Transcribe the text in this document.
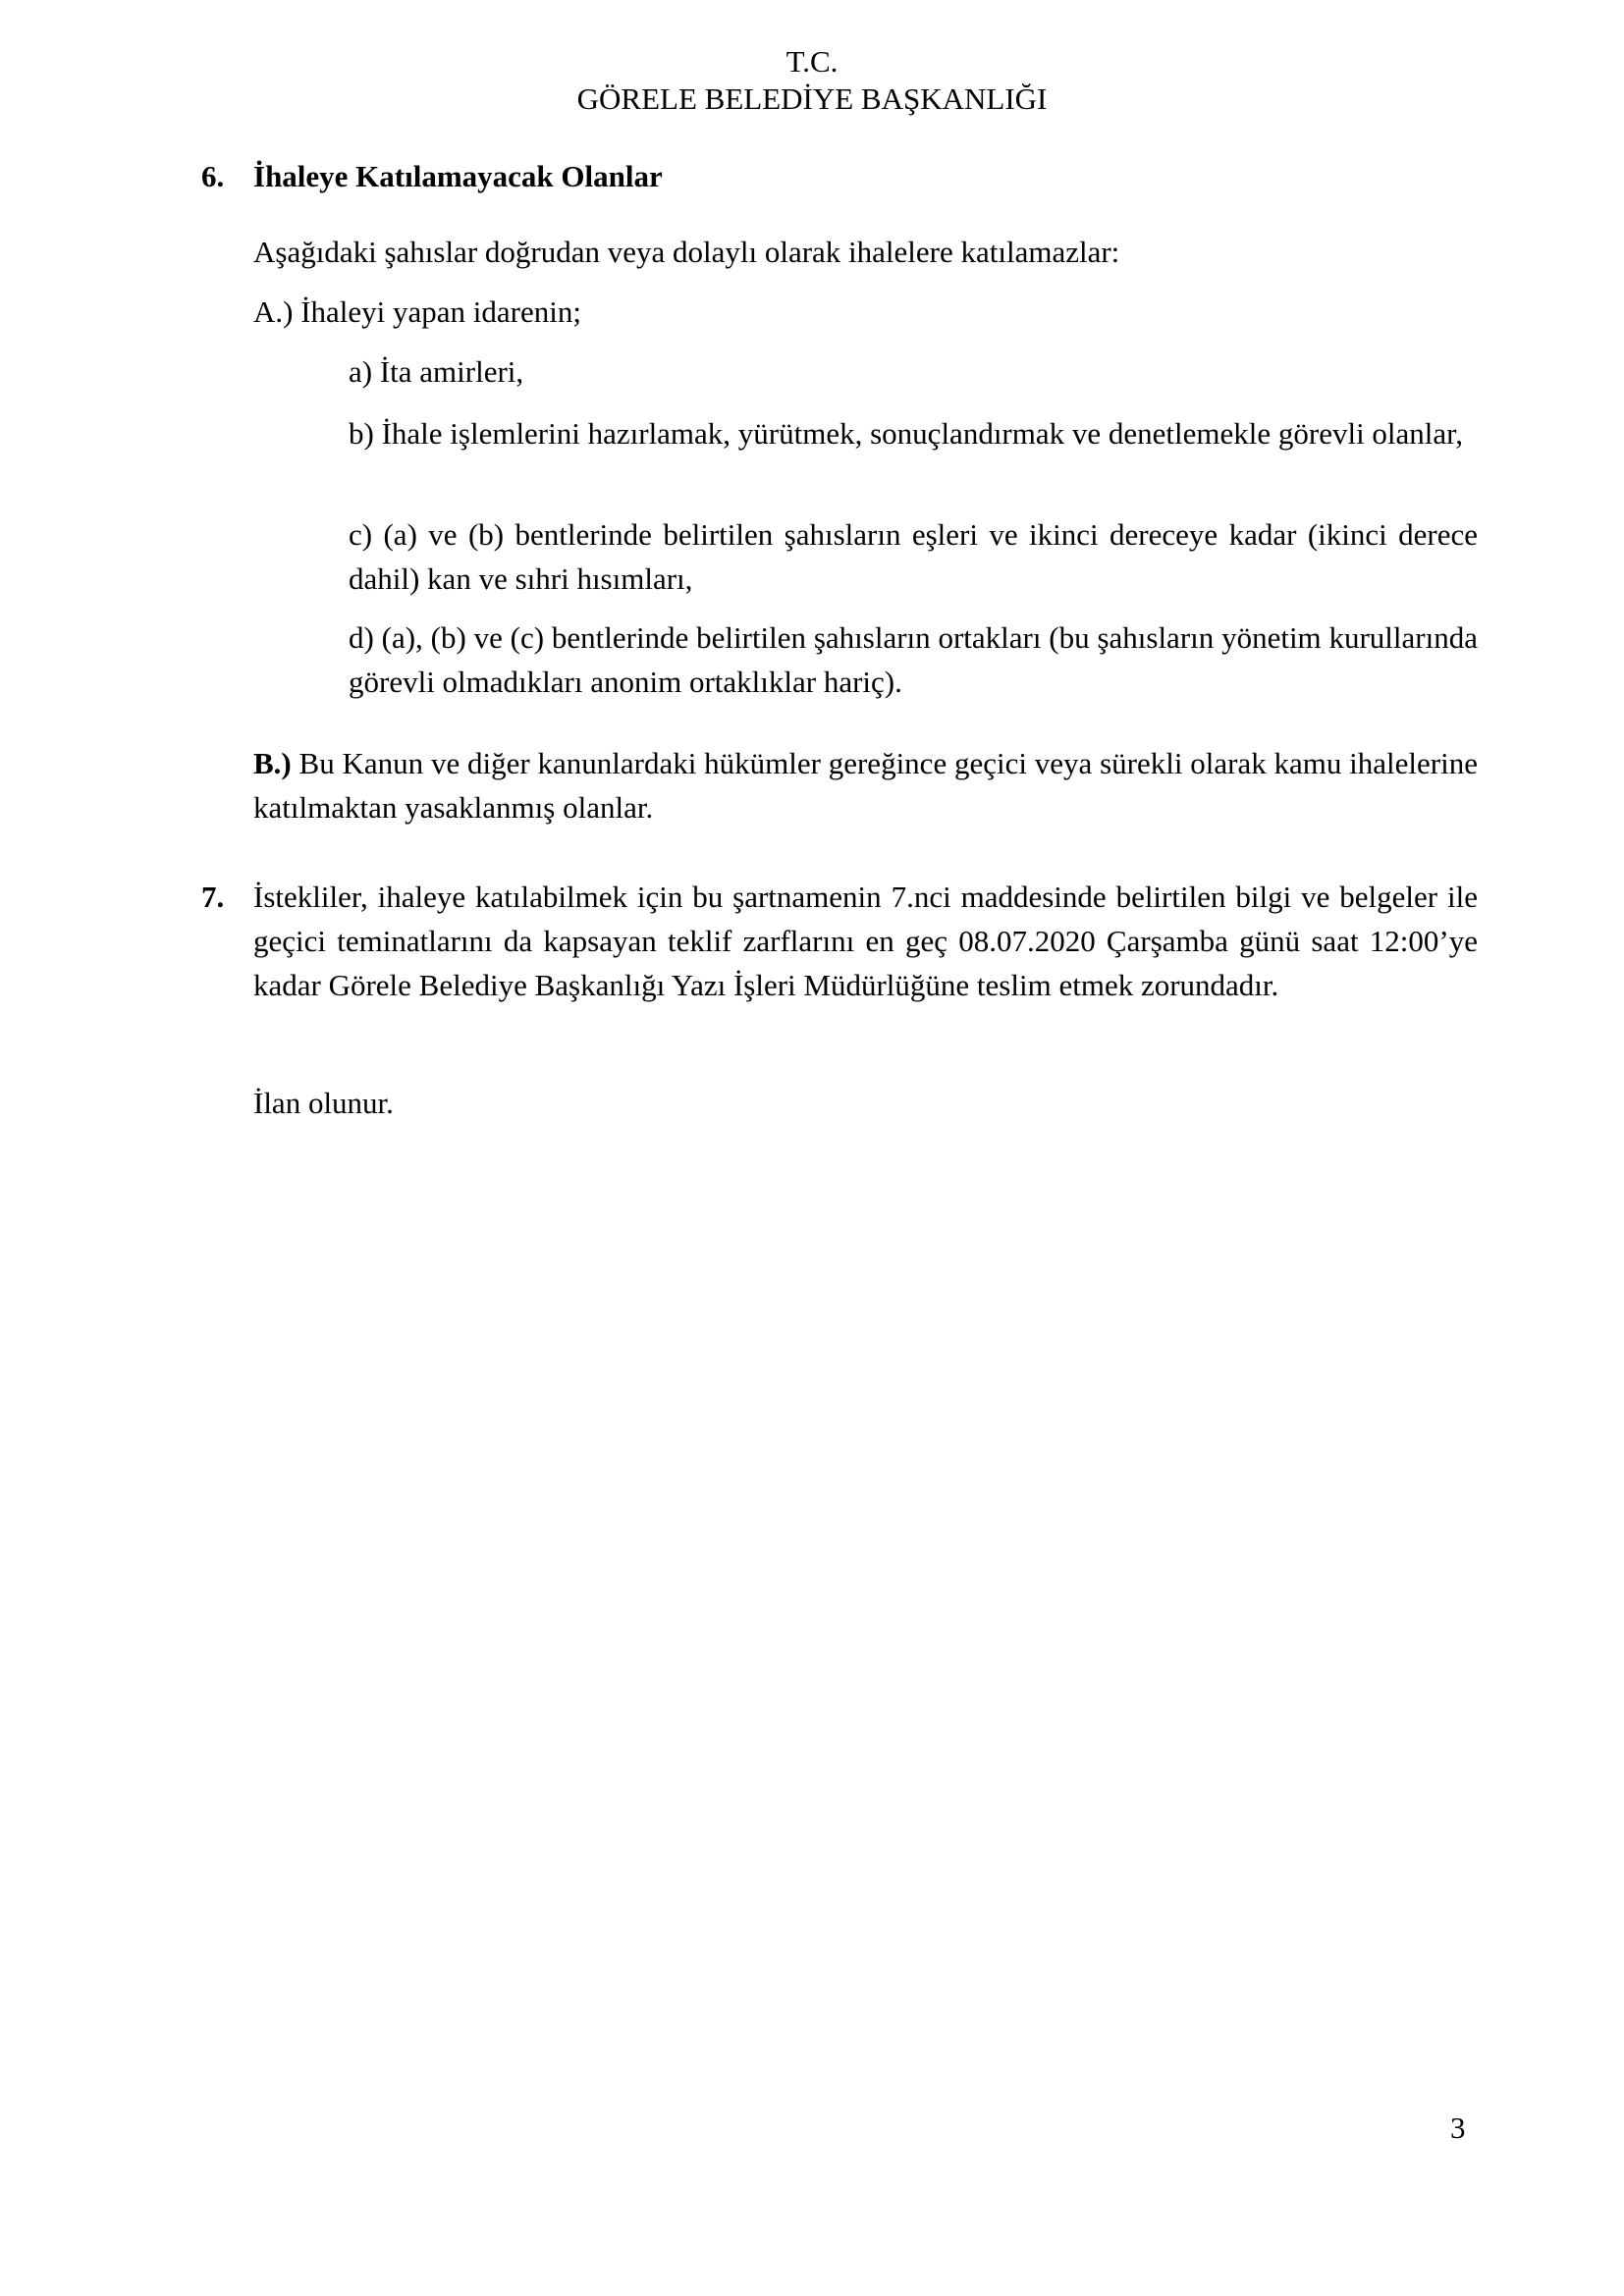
T.C.
GÖRELE BELEDİYE BAŞKANLIĞI
6. İhaleye Katılamayacak Olanlar
Aşağıdaki şahıslar doğrudan veya dolaylı olarak ihalelere katılamazlar:
A.) İhaleyi yapan idarenin;
a) İta amirleri,
b) İhale işlemlerini hazırlamak, yürütmek, sonuçlandırmak ve denetlemekle görevli olanlar,
c) (a) ve (b) bentlerinde belirtilen şahısların eşleri ve ikinci dereceye kadar (ikinci derece dahil) kan ve sıhri hısımları,
d) (a), (b) ve (c) bentlerinde belirtilen şahısların ortakları (bu şahısların yönetim kurullarında görevli olmadıkları anonim ortaklıklar hariç).
B.) Bu Kanun ve diğer kanunlardaki hükümler gereğince geçici veya sürekli olarak kamu ihalelerine katılmaktan yasaklanmış olanlar.
7. İstekliler, ihaleye katılabilmek için bu şartnamenin 7.nci maddesinde belirtilen bilgi ve belgeler ile geçici teminatlarını da kapsayan teklif zarflarını en geç 08.07.2020 Çarşamba günü saat 12:00’ye kadar Görele Belediye Başkanlığı Yazı İşleri Müdürlüğüne teslim etmek zorundadır.
İlan olunur.
3
